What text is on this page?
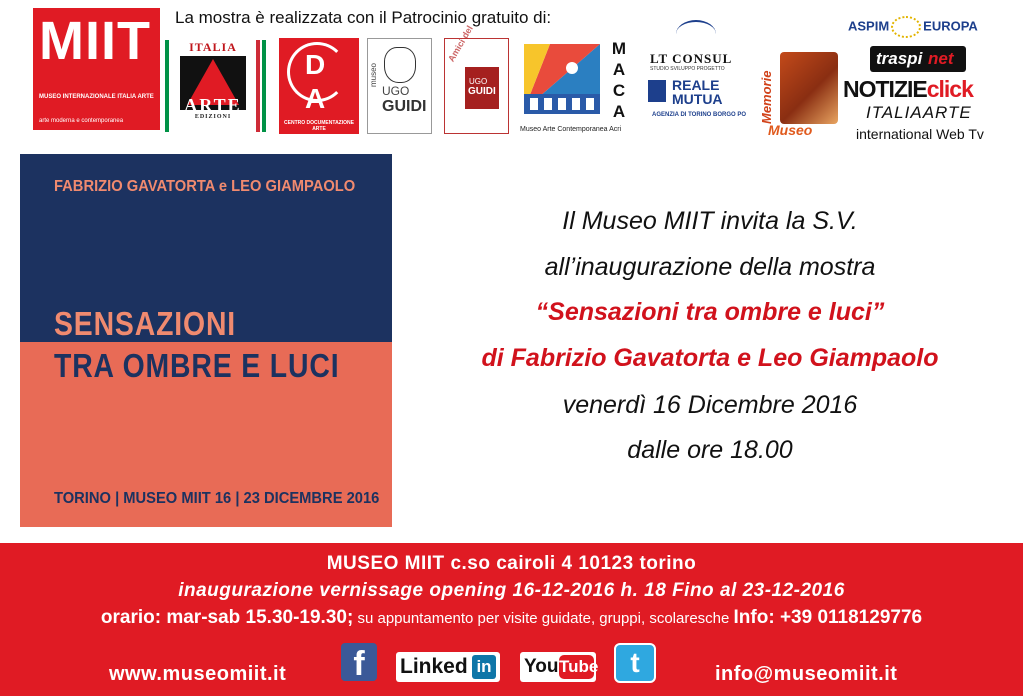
MIIT
MUSEO INTERNAZIONALE ITALIA ARTE
arte moderna e contemporanea
La mostra è realizzata con il Patrocinio gratuito di:
ITALIA
ARTE
EDIZIONI
D
A
CENTRO DOCUMENTAZIONE ARTE
museo
UGO
GUIDI
Amici del
UGO
GUIDI
M
A
C
A
Museo Arte Contemporanea Acri
LT CONSUL
STUDIO SVILUPPO PROGETTO
REALE
MUTUA
AGENZIA DI TORINO BORGO PO Memorie
Museo
ASPIM	EUROPA
traspi net
NOTIZIEclick
ITALIAARTE
international Web Tv
FABRIZIO GAVATORTA e LEO GIAMPAOLO
SENSAZIONI
TRA OMBRE E LUCI
TORINO | MUSEO MIIT 16 | 23 DICEMBRE 2016
Il Museo MIIT invita la S.V.
all’inaugurazione della mostra
“Sensazioni tra ombre e luci”
di Fabrizio Gavatorta e Leo Giampaolo
venerdì 16 Dicembre 2016
dalle ore 18.00
MUSEO MIIT c.so cairoli 4 10123 torino
inaugurazione vernissage opening 16-12-2016 h. 18 Fino al 23-12-2016
orario: mar-sab 15.30-19.30; su appuntamento per visite guidate, gruppi, scolaresche Info: +39 0118129776
www.museomiit.it	f	Linked in You Tube	t	info@museomiit.it
